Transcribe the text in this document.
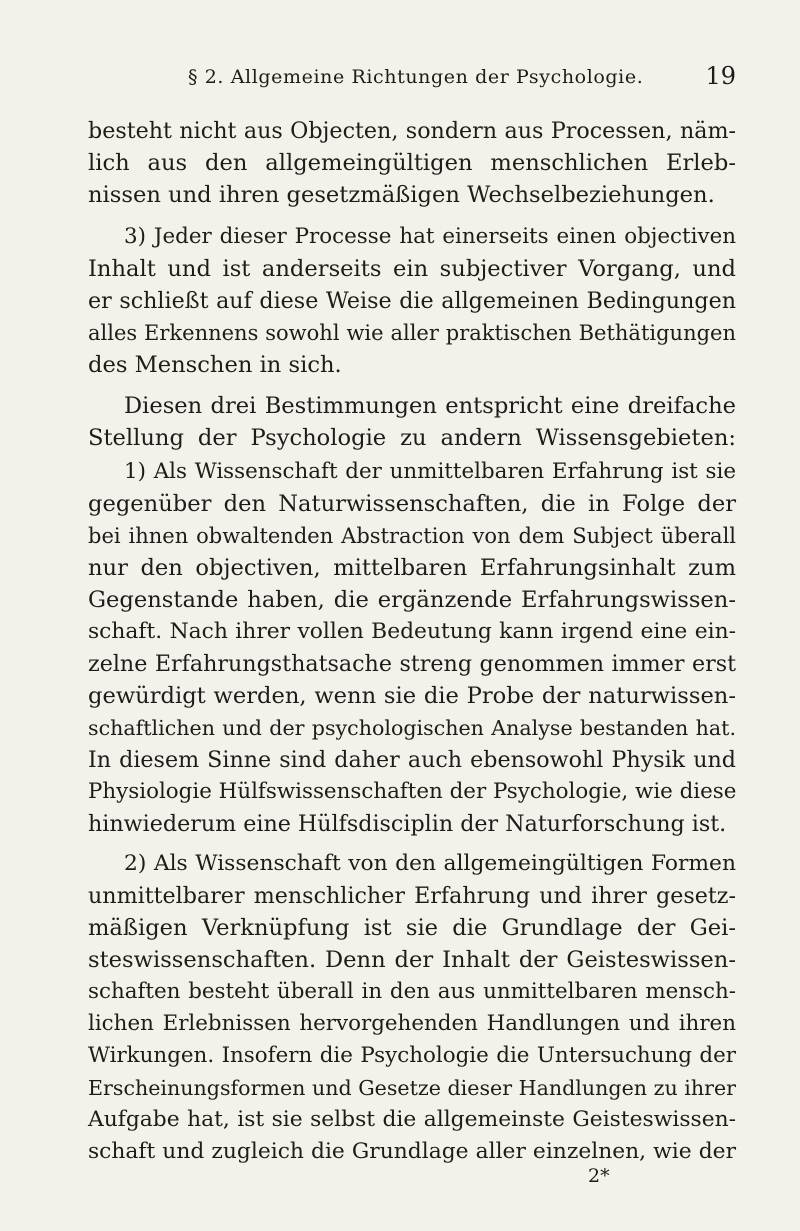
§ 2. Allgemeine Richtungen der Psychologie.	19
besteht nicht aus Objecten, sondern aus Processen, näm-
lich aus den allgemeingültigen menschlichen Erleb-
nissen und ihren gesetzmäßigen Wechselbeziehungen.
3) Jeder dieser Processe hat einerseits einen objectiven
Inhalt und ist anderseits ein subjectiver Vorgang, und
er schließt auf diese Weise die allgemeinen Bedingungen
alles Erkennens sowohl wie aller praktischen Bethätigungen
des Menschen in sich.
Diesen drei Bestimmungen entspricht eine dreifache
Stellung der Psychologie zu andern Wissensgebieten:
1) Als Wissenschaft der unmittelbaren Erfahrung ist sie
gegenüber den Naturwissenschaften, die in Folge der
bei ihnen obwaltenden Abstraction von dem Subject überall
nur den objectiven, mittelbaren Erfahrungsinhalt zum
Gegenstande haben, die ergänzende Erfahrungswissen-
schaft. Nach ihrer vollen Bedeutung kann irgend eine ein-
zelne Erfahrungsthatsache streng genommen immer erst
gewürdigt werden, wenn sie die Probe der naturwissen-
schaftlichen und der psychologischen Analyse bestanden hat.
In diesem Sinne sind daher auch ebensowohl Physik und
Physiologie Hülfswissenschaften der Psychologie, wie diese
hinwiederum eine Hülfsdisciplin der Naturforschung ist.
2) Als Wissenschaft von den allgemeingültigen Formen
unmittelbarer menschlicher Erfahrung und ihrer gesetz-
mäßigen Verknüpfung ist sie die Grundlage der Gei-
steswissenschaften. Denn der Inhalt der Geisteswissen-
schaften besteht überall in den aus unmittelbaren mensch-
lichen Erlebnissen hervorgehenden Handlungen und ihren
Wirkungen. Insofern die Psychologie die Untersuchung der
Erscheinungsformen und Gesetze dieser Handlungen zu ihrer
Aufgabe hat, ist sie selbst die allgemeinste Geisteswissen-
schaft und zugleich die Grundlage aller einzelnen, wie der
2*
